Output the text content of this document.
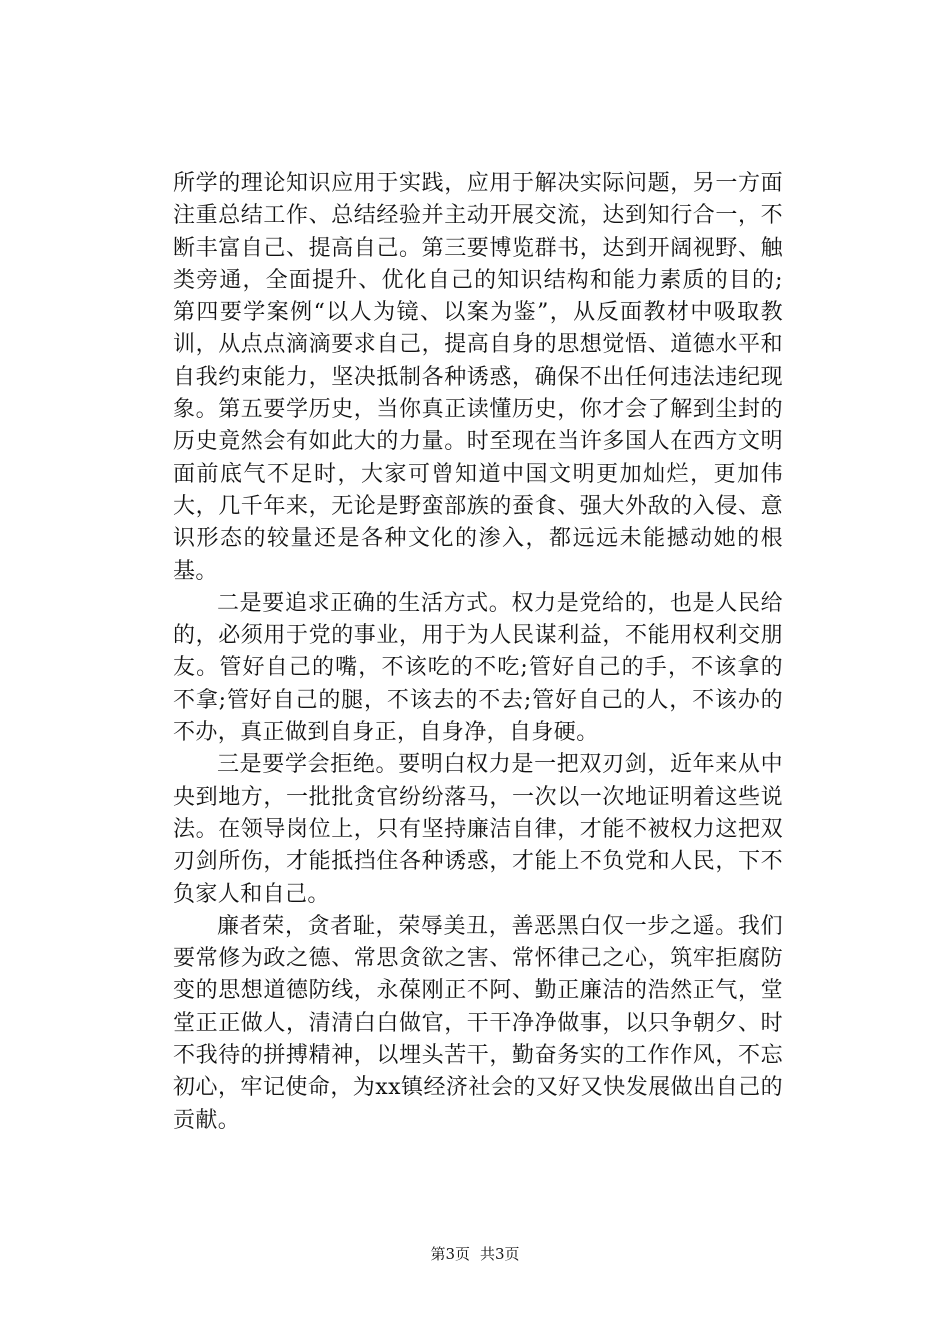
所学的理论知识应用于实践，应用于解决实际问题，另一方面注重总结工作、总结经验并主动开展交流，达到知行合一，不断丰富自己、提高自己。第三要博览群书，达到开阔视野、触类旁通，全面提升、优化自己的知识结构和能力素质的目的;第四要学案例“以人为镜、以案为鉴”，从反面教材中吸取教训，从点点滴滴要求自己，提高自身的思想觉悟、道德水平和自我约束能力，坚决抵制各种诱惑，确保不出任何违法违纪现象。第五要学历史，当你真正读懂历史，你才会了解到尘封的历史竟然会有如此大的力量。时至现在当许多国人在西方文明面前底气不足时，大家可曾知道中国文明更加灿烂，更加伟大，几千年来，无论是野蛮部族的蚕食、强大外敌的入侵、意识形态的较量还是各种文化的渗入，都远远未能撼动她的根基。

二是要追求正确的生活方式。权力是党给的，也是人民给的，必须用于党的事业，用于为人民谋利益，不能用权利交朋友。管好自己的嘴，不该吃的不吃;管好自己的手，不该拿的不拿;管好自己的腿，不该去的不去;管好自己的人，不该办的不办，真正做到自身正，自身净，自身硬。

三是要学会拒绝。要明白权力是一把双刃剑，近年来从中央到地方，一批批贪官纷纷落马，一次以一次地证明着这些说法。在领导岗位上，只有坚持廉洁自律，才能不被权力这把双刃剑所伤，才能抵挡住各种诱惑，才能上不负党和人民，下不负家人和自己。

廉者荣，贪者耻，荣辱美丑，善恶黑白仅一步之遥。我们要常修为政之德、常思贪欲之害、常怀律己之心，筑牢拒腐防变的思想道德防线，永葆刚正不阿、勤正廉洁的浩然正气，堂堂正正做人，清清白白做官，干干净净做事，以只争朝夕、时不我待的拼搏精神，以埋头苦干，勤奋务实的工作作风，不忘初心，牢记使命，为xx镇经济社会的又好又快发展做出自己的贡献。

第3页 共3页
